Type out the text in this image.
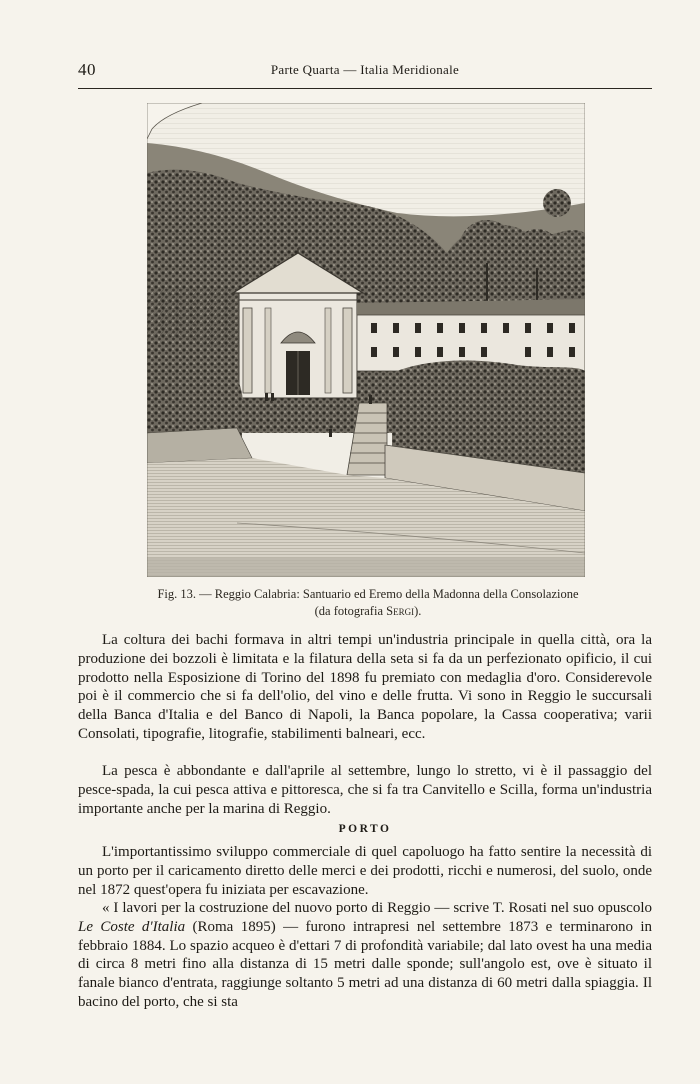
40	Parte Quarta — Italia Meridionale
Fig. 13. — Reggio Calabria: Santuario ed Eremo della Madonna della Consolazione
(da fotografia Sergi).

La coltura dei bachi formava in altri tempi un'industria principale in quella città, ora la produzione dei bozzoli è limitata e la filatura della seta si fa da un perfezionato opificio, il cui prodotto nella Esposizione di Torino del 1898 fu premiato con medaglia d'oro. Considerevole poi è il commercio che si fa dell'olio, del vino e delle frutta. Vi sono in Reggio le succursali della Banca d'Italia e del Banco di Napoli, la Banca popolare, la Cassa cooperativa; varii Consolati, tipografie, litografie, stabilimenti balneari, ecc.

La pesca è abbondante e dall'aprile al settembre, lungo lo stretto, vi è il passaggio del pesce-spada, la cui pesca attiva e pittoresca, che si fa tra Canvitello e Scilla, forma un'industria importante anche per la marina di Reggio.

PORTO

L'importantissimo sviluppo commerciale di quel capoluogo ha fatto sentire la necessità di un porto per il caricamento diretto delle merci e dei prodotti, ricchi e numerosi, del suolo, onde nel 1872 quest'opera fu iniziata per escavazione.

« I lavori per la costruzione del nuovo porto di Reggio — scrive T. Rosati nel suo opuscolo Le Coste d'Italia (Roma 1895) — furono intrapresi nel settembre 1873 e terminarono in febbraio 1884. Lo spazio acqueo è d'ettari 7 di profondità variabile; dal lato ovest ha una media di circa 8 metri fino alla distanza di 15 metri dalle sponde; sull'angolo est, ove è situato il fanale bianco d'entrata, raggiunge soltanto 5 metri ad una distanza di 60 metri dalla spiaggia. Il bacino del porto, che si sta
